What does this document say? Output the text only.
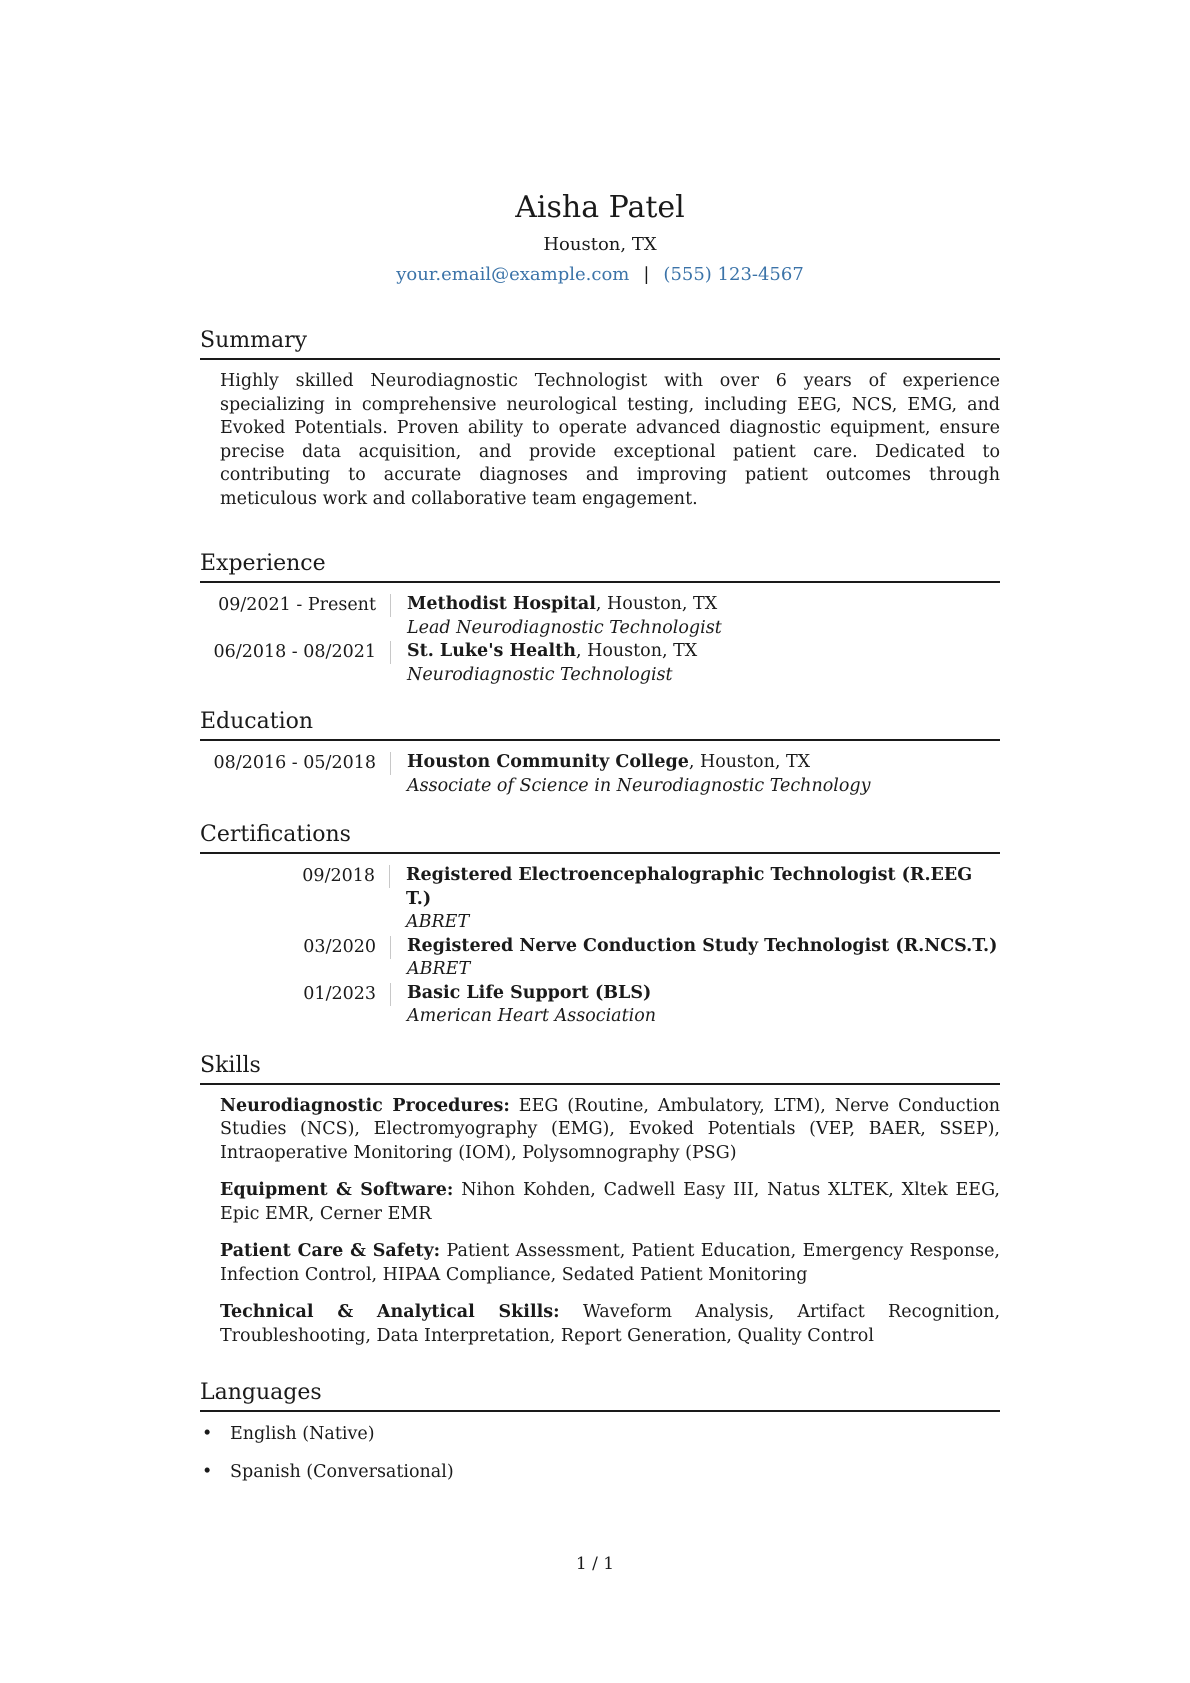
Aisha Patel
Houston, TX
your.email@example.com | (555) 123-4567
Summary

Highly skilled Neurodiagnostic Technologist with over 6 years of experience specializing in comprehensive neurological testing, including EEG, NCS, EMG, and Evoked Potentials. Proven ability to operate advanced diagnostic equipment, ensure precise data acquisition, and provide exceptional patient care. Dedicated to contributing to accurate diagnoses and improving patient outcomes through meticulous work and collaborative team engagement.

Experience
09/2021 - Present	Methodist Hospital, Houston, TX
Lead Neurodiagnostic Technologist
06/2018 - 08/2021	St. Luke's Health, Houston, TX
Neurodiagnostic Technologist
Education
08/2016 - 05/2018	Houston Community College, Houston, TX
Associate of Science in Neurodiagnostic Technology
Certifications
09/2018	Registered Electroencephalographic Technologist (R.EEG T.)
ABRET
03/2020	Registered Nerve Conduction Study Technologist (R.NCS.T.)
ABRET
01/2023	Basic Life Support (BLS)
American Heart Association
Skills

Neurodiagnostic Procedures: EEG (Routine, Ambulatory, LTM), Nerve Conduction Studies (NCS), Electromyography (EMG), Evoked Potentials (VEP, BAER, SSEP), Intraoperative Monitoring (IOM), Polysomnography (PSG)

Equipment & Software: Nihon Kohden, Cadwell Easy III, Natus XLTEK, Xltek EEG, Epic EMR, Cerner EMR

Patient Care & Safety: Patient Assessment, Patient Education, Emergency Response, Infection Control, HIPAA Compliance, Sedated Patient Monitoring

Technical & Analytical Skills: Waveform Analysis, Artifact Recognition, Troubleshooting, Data Interpretation, Report Generation, Quality Control

Languages
• English (Native)
• Spanish (Conversational)
1 / 1
